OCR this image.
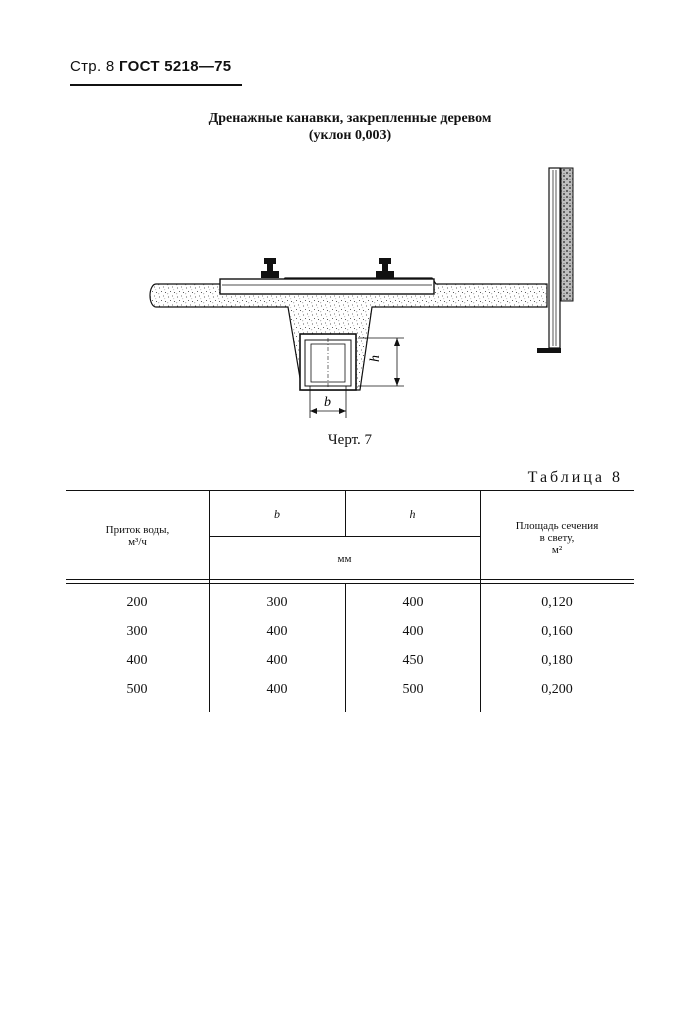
Стр. 8 ГОСТ 5218—75
Дренажные канавки, закрепленные деревом
(уклон 0,003)
h
b
Черт. 7
Таблица 8
Приток воды,
м³/ч
b	h
мм
Площадь сечения
в свету,
м²
200	300	400	0,120
300	400	400	0,160
400	400	450	0,180
500	400	500	0,200
